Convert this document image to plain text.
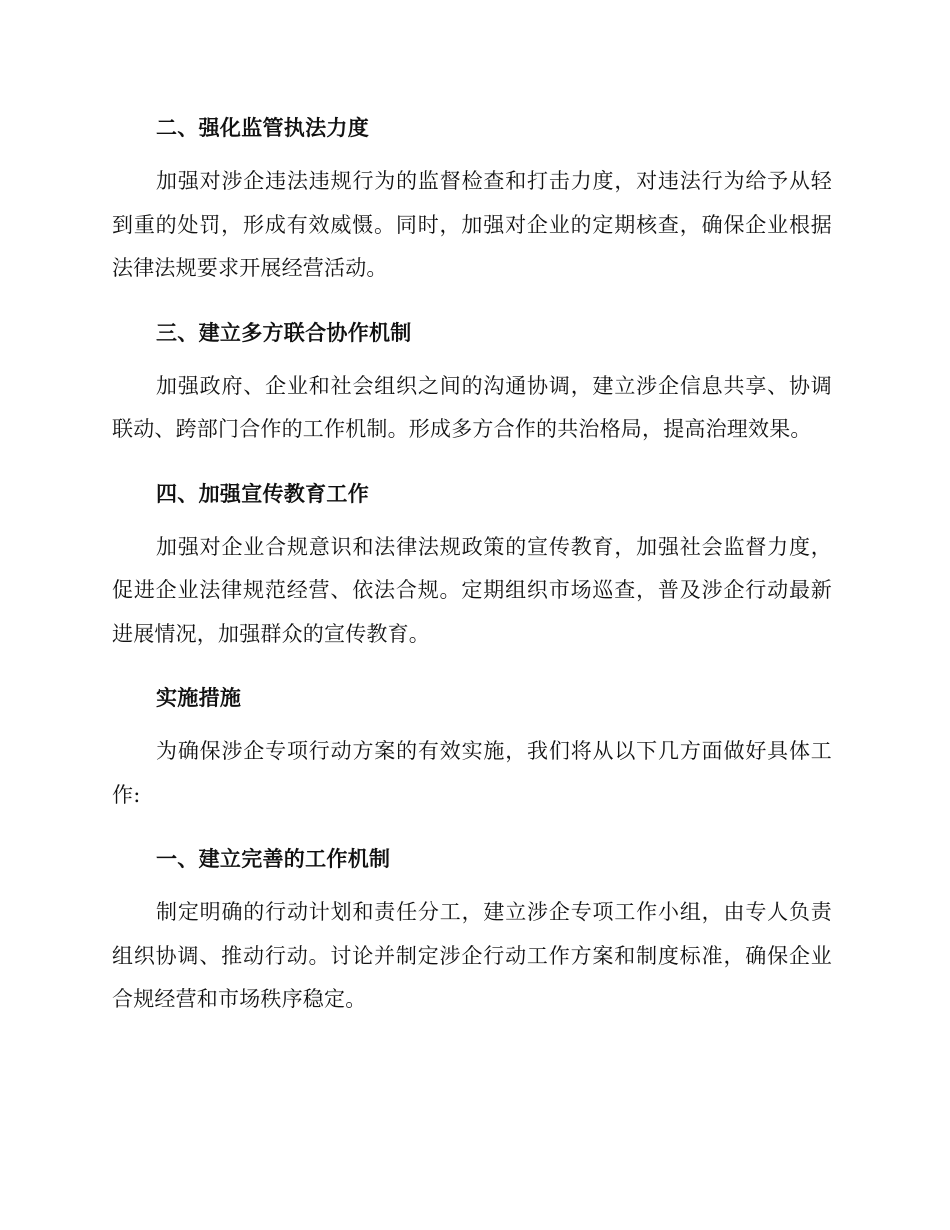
二、强化监管执法力度

加强对涉企违法违规行为的监督检查和打击力度，对违法行为给予从轻到重的处罚，形成有效威慑。同时，加强对企业的定期核查，确保企业根据法律法规要求开展经营活动。

三、建立多方联合协作机制

加强政府、企业和社会组织之间的沟通协调，建立涉企信息共享、协调联动、跨部门合作的工作机制。形成多方合作的共治格局，提高治理效果。

四、加强宣传教育工作

加强对企业合规意识和法律法规政策的宣传教育，加强社会监督力度，促进企业法律规范经营、依法合规。定期组织市场巡查，普及涉企行动最新进展情况，加强群众的宣传教育。

实施措施

为确保涉企专项行动方案的有效实施，我们将从以下几方面做好具体工作:

一、建立完善的工作机制

制定明确的行动计划和责任分工，建立涉企专项工作小组，由专人负责组织协调、推动行动。讨论并制定涉企行动工作方案和制度标准，确保企业合规经营和市场秩序稳定。
